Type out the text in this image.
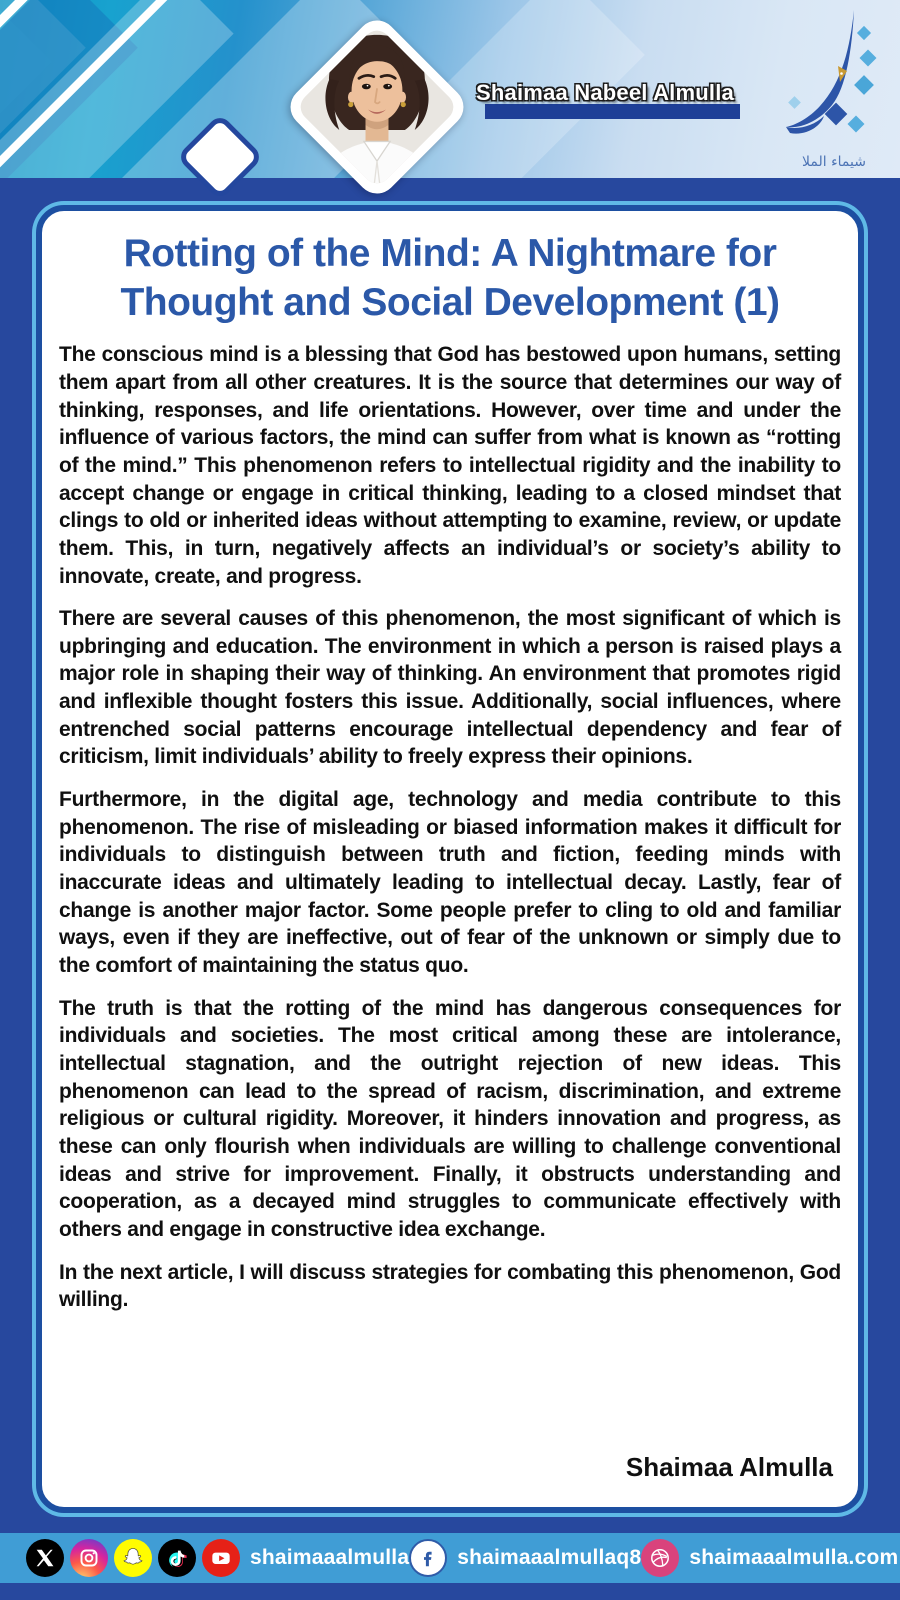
Shaimaa Nabeel Almulla
شيماء الملا
Rotting of the Mind: A Nightmare for
Thought and Social Development (1)

The conscious mind is a blessing that God has bestowed upon humans, setting them apart from all other creatures. It is the source that determines our way of thinking, responses, and life orientations. However, over time and under the influence of various factors, the mind can suffer from what is known as “rotting of the mind.” This phenomenon refers to intellectual rigidity and the inability to accept change or engage in critical thinking, leading to a closed mindset that clings to old or inherited ideas without attempting to examine, review, or update them. This, in turn, negatively affects an individual’s or society’s ability to innovate, create, and progress.

There are several causes of this phenomenon, the most significant of which is upbringing and education. The environment in which a person is raised plays a major role in shaping their way of thinking. An environment that promotes rigid and inflexible thought fosters this issue. Additionally, social influences, where entrenched social patterns encourage intellectual dependency and fear of criticism, limit individuals’ ability to freely express their opinions.

Furthermore, in the digital age, technology and media contribute to this phenomenon. The rise of misleading or biased information makes it difficult for individuals to distinguish between truth and fiction, feeding minds with inaccurate ideas and ultimately leading to intellectual decay. Lastly, fear of change is another major factor. Some people prefer to cling to old and familiar ways, even if they are ineffective, out of fear of the unknown or simply due to the comfort of maintaining the status quo.

The truth is that the rotting of the mind has dangerous consequences for individuals and societies. The most critical among these are intolerance, intellectual stagnation, and the outright rejection of new ideas. This phenomenon can lead to the spread of racism, discrimination, and extreme religious or cultural rigidity. Moreover, it hinders innovation and progress, as these can only flourish when individuals are willing to challenge conventional ideas and strive for improvement. Finally, it obstructs understanding and cooperation, as a decayed mind struggles to communicate effectively with others and engage in constructive idea exchange.

In the next article, I will discuss strategies for combating this phenomenon, God willing.

Shaimaa Almulla
shaimaaalmulla shaimaaalmullaq8 shaimaaalmulla.com
